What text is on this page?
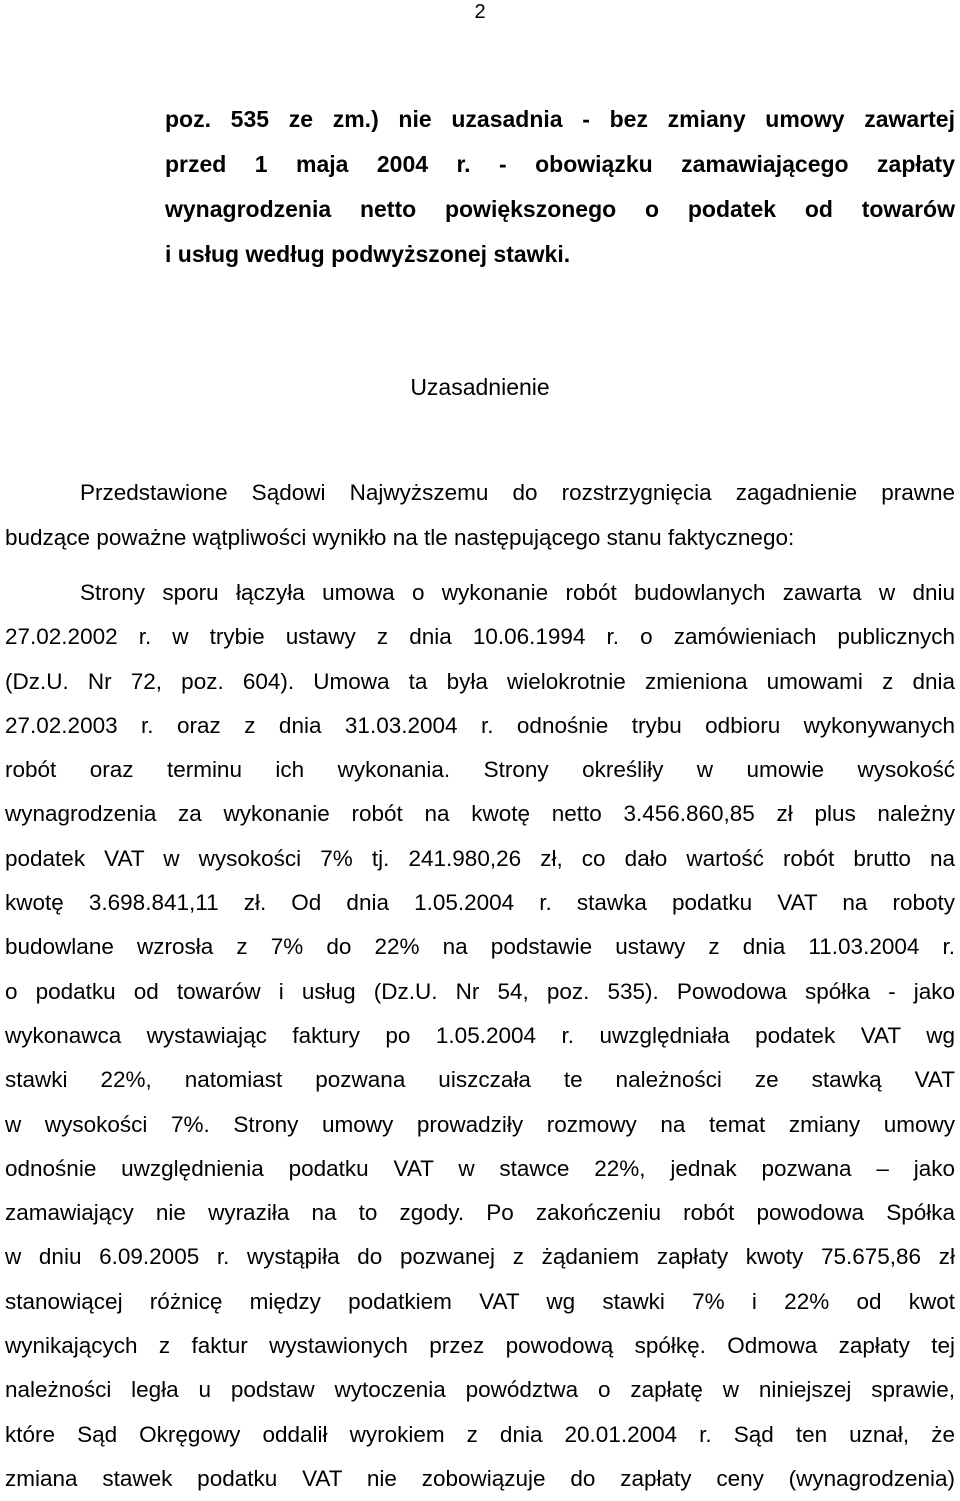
2
poz. 535 ze zm.) nie uzasadnia - bez zmiany umowy zawartej
przed 1 maja 2004 r. - obowiązku zamawiającego zapłaty
wynagrodzenia netto powiększonego o podatek od towarów
i usług według podwyższonej stawki.
Uzasadnienie
Przedstawione Sądowi Najwyższemu do rozstrzygnięcia zagadnienie prawne
budzące poważne wątpliwości wynikło na tle następującego stanu faktycznego:
Strony sporu łączyła umowa o wykonanie robót budowlanych zawarta w dniu
27.02.2002 r. w trybie ustawy z dnia 10.06.1994 r. o zamówieniach publicznych
(Dz.U. Nr 72, poz. 604). Umowa ta była wielokrotnie zmieniona umowami z dnia
27.02.2003 r. oraz z dnia 31.03.2004 r. odnośnie trybu odbioru wykonywanych
robót oraz terminu ich wykonania. Strony określiły w umowie wysokość
wynagrodzenia za wykonanie robót na kwotę netto 3.456.860,85 zł plus należny
podatek VAT w wysokości 7% tj. 241.980,26 zł, co dało wartość robót brutto na
kwotę 3.698.841,11 zł. Od dnia 1.05.2004 r. stawka podatku VAT na roboty
budowlane wzrosła z 7% do 22% na podstawie ustawy z dnia 11.03.2004 r.
o podatku od towarów i usług (Dz.U. Nr 54, poz. 535). Powodowa spółka - jako
wykonawca wystawiając faktury po 1.05.2004 r. uwzględniała podatek VAT wg
stawki 22%, natomiast pozwana uiszczała te należności ze stawką VAT
w wysokości 7%. Strony umowy prowadziły rozmowy na temat zmiany umowy
odnośnie uwzględnienia podatku VAT w stawce 22%, jednak pozwana – jako
zamawiający nie wyraziła na to zgody. Po zakończeniu robót powodowa Spółka
w dniu 6.09.2005 r. wystąpiła do pozwanej z żądaniem zapłaty kwoty 75.675,86 zł
stanowiącej różnicę między podatkiem VAT wg stawki 7% i 22% od kwot
wynikających z faktur wystawionych przez powodową spółkę. Odmowa zapłaty tej
należności legła u podstaw wytoczenia powództwa o zapłatę w niniejszej sprawie,
które Sąd Okręgowy oddalił wyrokiem z dnia 20.01.2004 r. Sąd ten uznał, że
zmiana stawek podatku VAT nie zobowiązuje do zapłaty ceny (wynagrodzenia)
